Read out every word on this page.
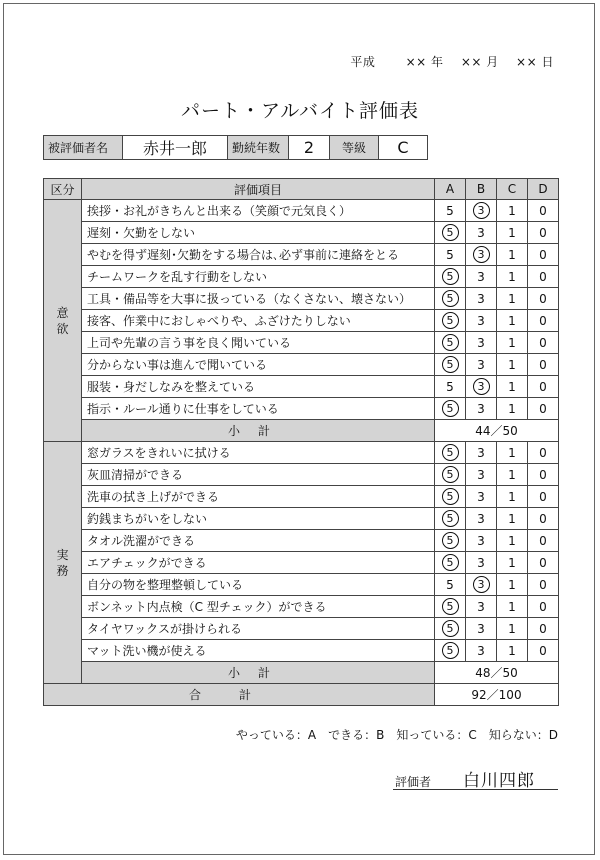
平成	×× 年 ×× 月 ×× 日
パート・アルバイト評価表
被評価者名	赤井一郎	勤続年数	2	等級	C
区分	評価項目	A	B	C	D
意欲	挨拶・お礼がきちんと出来る（笑顔で元気良く）	5	3	1	0
	遅刻・欠勤をしない	5	3	1	0
	やむを得ず遅刻･欠勤をする場合は､必ず事前に連絡をとる	5	3	1	0
	チームワークを乱す行動をしない	5	3	1	0
	工具・備品等を大事に扱っている（なくさない、壊さない）	5	3	1	0
	接客、作業中におしゃべりや、ふざけたりしない	5	3	1	0
	上司や先輩の言う事を良く聞いている	5	3	1	0
	分からない事は進んで聞いている	5	3	1	0
	服装・身だしなみを整えている	5	3	1	0
	指示・ルール通りに仕事をしている	5	3	1	0
	小計	44／50			
実務	窓ガラスをきれいに拭ける	5	3	1	0
	灰皿清掃ができる	5	3	1	0
	洗車の拭き上げができる	5	3	1	0
	釣銭まちがいをしない	5	3	1	0
	タオル洗濯ができる	5	3	1	0
	エアチェックができる	5	3	1	0
	自分の物を整理整頓している	5	3	1	0
	ボンネット内点検（C 型チェック）ができる	5	3	1	0
	タイヤワックスが掛けられる	5	3	1	0
	マット洗い機が使える	5	3	1	0
	小計	48／50			
合計		92／100			
やっている：A　できる：B　知っている：C　知らない：D
評価者 白川四郎
